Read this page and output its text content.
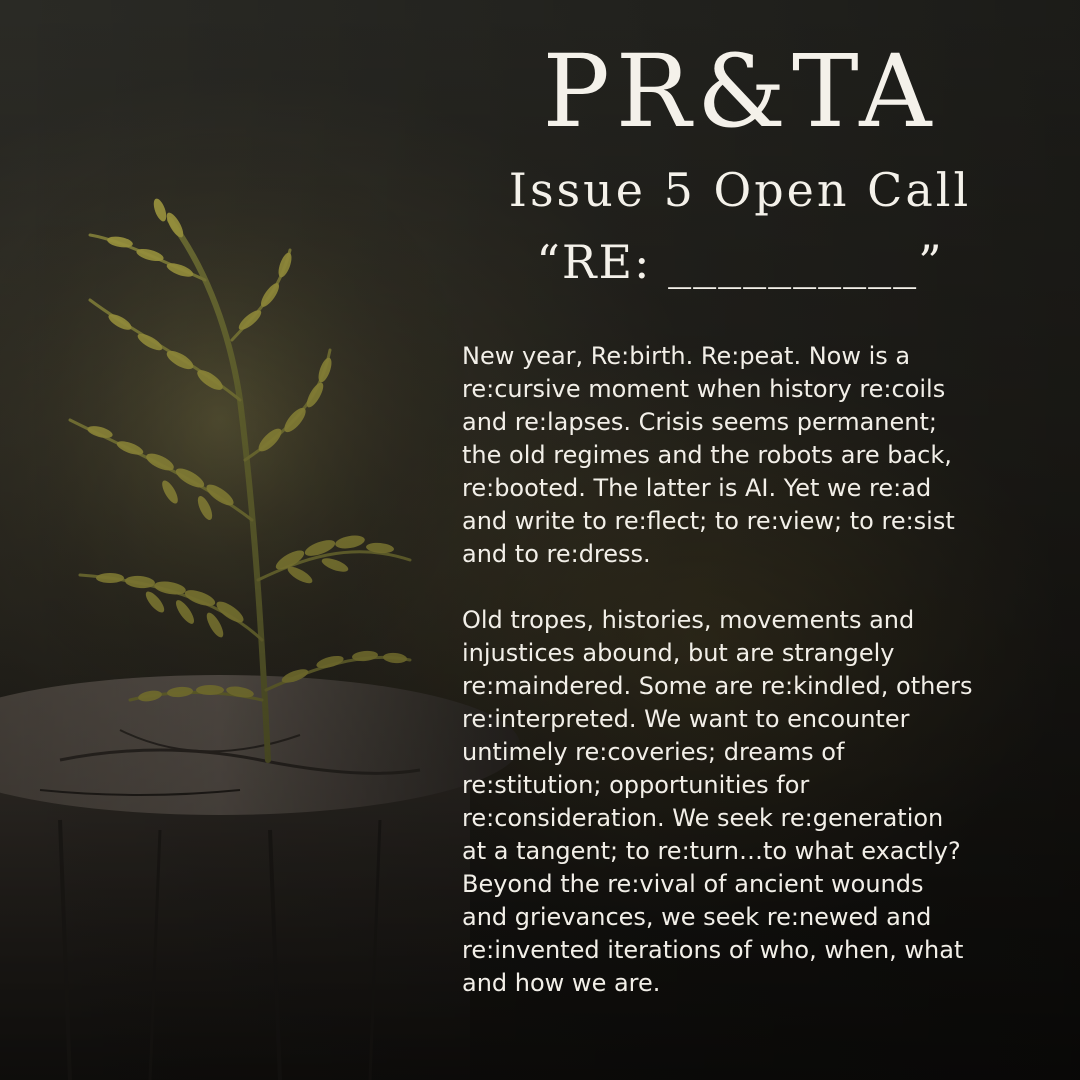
PR&TA
Issue 5 Open Call
“RE: __________”
New year, Re:birth. Re:peat. Now is a
re:cursive moment when history re:coils
and re:lapses. Crisis seems permanent;
the old regimes and the robots are back,
re:booted. The latter is AI. Yet we re:ad
and write to re:flect; to re:view; to re:sist
and to re:dress.
Old tropes, histories, movements and
injustices abound, but are strangely
re:maindered. Some are re:kindled, others
re:interpreted. We want to encounter
untimely re:coveries; dreams of
re:stitution; opportunities for
re:consideration. We seek re:generation
at a tangent; to re:turn…to what exactly?
Beyond the re:vival of ancient wounds
and grievances, we seek re:newed and
re:invented iterations of who, when, what
and how we are.
